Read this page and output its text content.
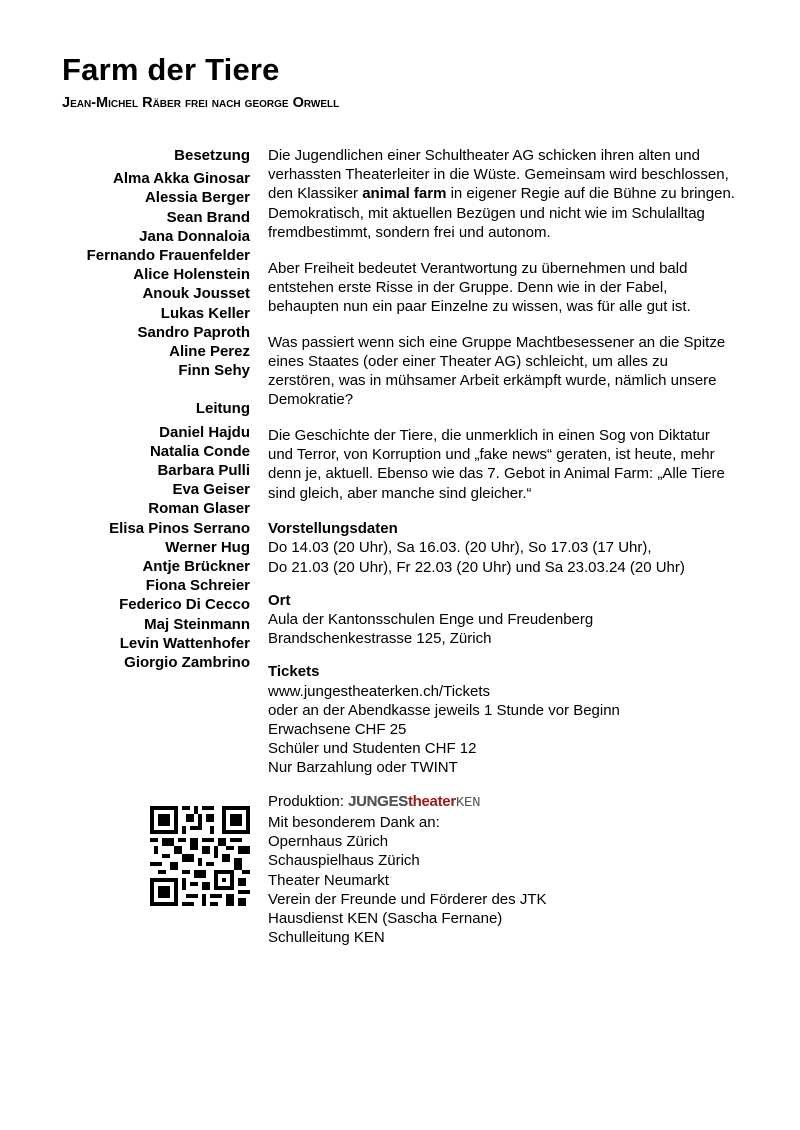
Farm der Tiere
Jean-Michel Räber frei nach george Orwell
Besetzung
Alma Akka Ginosar
Alessia Berger
Sean Brand
Jana Donnaloia
Fernando Frauenfelder
Alice Holenstein
Anouk Jousset
Lukas Keller
Sandro Paproth
Aline Perez
Finn Sehy
Leitung
Daniel Hajdu
Natalia Conde
Barbara Pulli
Eva Geiser
Roman Glaser
Elisa Pinos Serrano
Werner Hug
Antje Brückner
Fiona Schreier
Federico Di Cecco
Maj Steinmann
Levin Wattenhofer
Giorgio Zambrino

Die Jugendlichen einer Schultheater AG schicken ihren alten und verhassten Theaterleiter in die Wüste. Gemeinsam wird beschlossen, den Klassiker animal farm in eigener Regie auf die Bühne zu bringen. Demokratisch, mit aktuellen Bezügen und nicht wie im Schulalltag fremdbestimmt, sondern frei und autonom.

Aber Freiheit bedeutet Verantwortung zu übernehmen und bald entstehen erste Risse in der Gruppe. Denn wie in der Fabel, behaupten nun ein paar Einzelne zu wissen, was für alle gut ist.

Was passiert wenn sich eine Gruppe Machtbesessener an die Spitze eines Staates (oder einer Theater AG) schleicht, um alles zu zerstören, was in mühsamer Arbeit erkämpft wurde, nämlich unsere Demokratie?

Die Geschichte der Tiere, die unmerklich in einen Sog von Diktatur und Terror, von Korruption und „fake news“ geraten, ist heute, mehr denn je, aktuell. Ebenso wie das 7. Gebot in Animal Farm: „Alle Tiere sind gleich, aber manche sind gleicher.“

Vorstellungsdaten
Do 14.03 (20 Uhr), Sa 16.03. (20 Uhr), So 17.03 (17 Uhr),
Do 21.03 (20 Uhr), Fr 22.03 (20 Uhr) und Sa 23.03.24 (20 Uhr)
Ort
Aula der Kantonsschulen Enge und Freudenberg
Brandschenkestrasse 125, Zürich
Tickets
www.jungestheaterken.ch/Tickets
oder an der Abendkasse jeweils 1 Stunde vor Beginn
Erwachsene CHF 25
Schüler und Studenten CHF 12
Nur Barzahlung oder TWINT
Produktion: JUNGEStheaterKEN
Mit besonderem Dank an:
Opernhaus Zürich
Schauspielhaus Zürich
Theater Neumarkt
Verein der Freunde und Förderer des JTK
Hausdienst KEN (Sascha Fernane)
Schulleitung KEN
